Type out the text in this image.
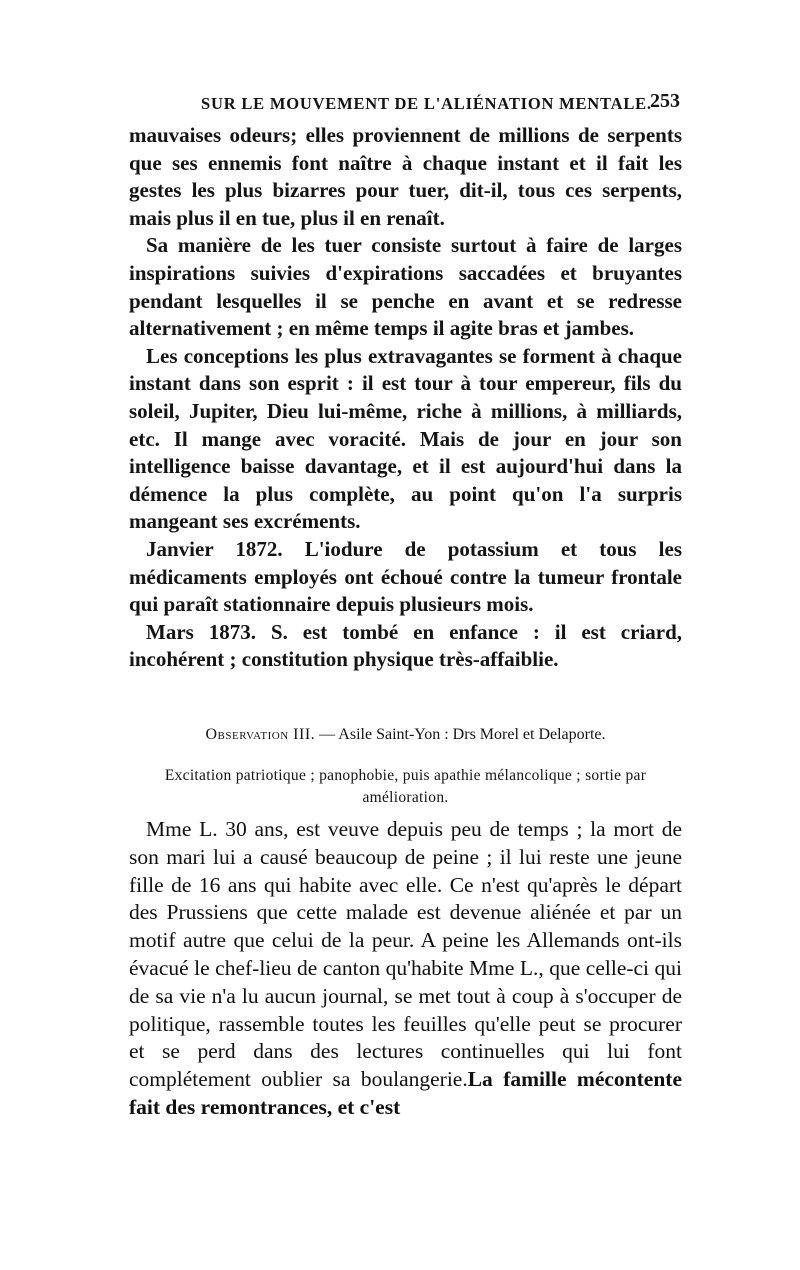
SUR LE MOUVEMENT DE L'ALIÉNATION MENTALE.
253

mauvaises odeurs; elles proviennent de millions de serpents que ses ennemis font naître à chaque instant et il fait les gestes les plus bizarres pour tuer, dit-il, tous ces serpents, mais plus il en tue, plus il en renaît.

Sa manière de les tuer consiste surtout à faire de larges inspirations suivies d'expirations saccadées et bruyantes pendant lesquelles il se penche en avant et se redresse alternativement ; en même temps il agite bras et jambes.

Les conceptions les plus extravagantes se forment à chaque instant dans son esprit : il est tour à tour empereur, fils du soleil, Jupiter, Dieu lui-même, riche à millions, à milliards, etc. Il mange avec voracité. Mais de jour en jour son intelligence baisse davantage, et il est aujourd'hui dans la démence la plus complète, au point qu'on l'a surpris mangeant ses excréments.

Janvier 1872. L'iodure de potassium et tous les médicaments employés ont échoué contre la tumeur frontale qui paraît stationnaire depuis plusieurs mois.

Mars 1873. S. est tombé en enfance : il est criard, incohérent ; constitution physique très-affaiblie.

Observation III. — Asile Saint-Yon : Drs Morel et Delaporte.
Excitation patriotique ; panophobie, puis apathie mélancolique ; sortie par amélioration.

Mme L. 30 ans, est veuve depuis peu de temps ; la mort de son mari lui a causé beaucoup de peine ; il lui reste une jeune fille de 16 ans qui habite avec elle. Ce n'est qu'après le départ des Prussiens que cette malade est devenue aliénée et par un motif autre que celui de la peur. A peine les Allemands ont-ils évacué le chef-lieu de canton qu'habite Mme L., que celle-ci qui de sa vie n'a lu aucun journal, se met tout à coup à s'occuper de politique, rassemble toutes les feuilles qu'elle peut se procurer et se perd dans des lectures continuelles qui lui font complétement oublier sa boulangerie.La famille mécontente fait des remontrances, et c'est
